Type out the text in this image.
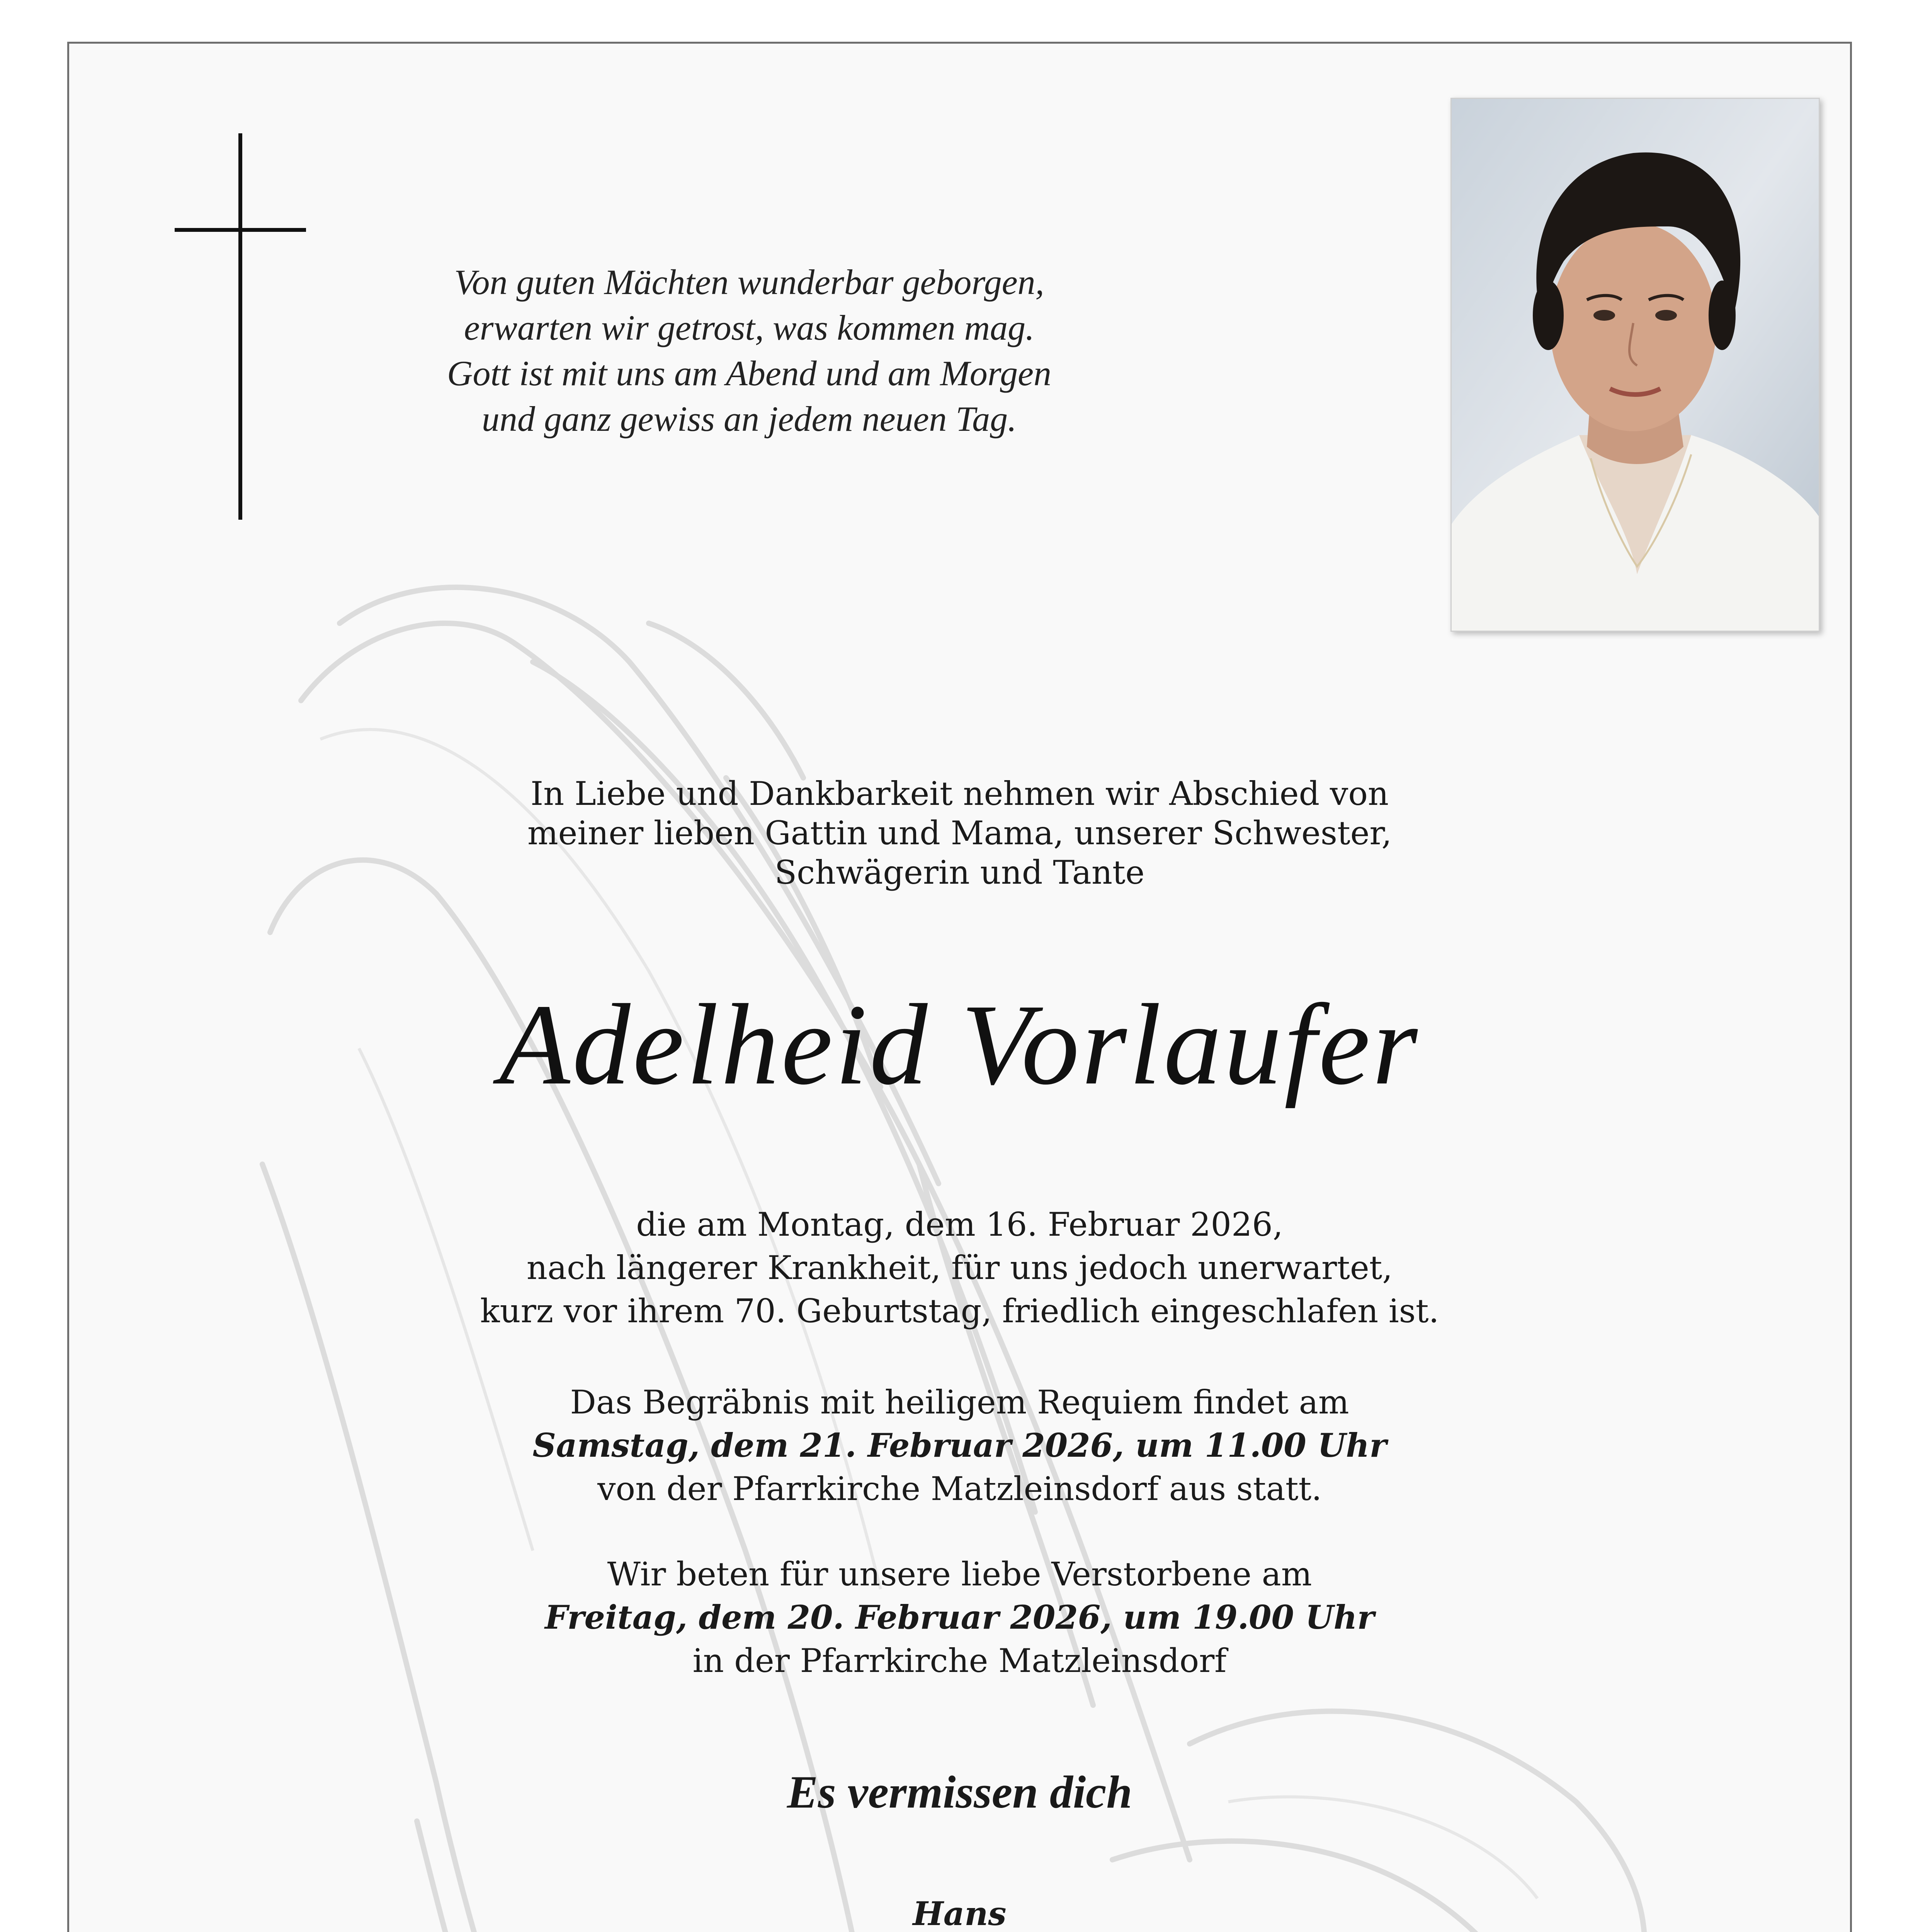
Von guten Mächten wunderbar geborgen,
erwarten wir getrost, was kommen mag.
Gott ist mit uns am Abend und am Morgen
und ganz gewiss an jedem neuen Tag.
In Liebe und Dankbarkeit nehmen wir Abschied von
meiner lieben Gattin und Mama, unserer Schwester,
Schwägerin und Tante
Adelheid Vorlaufer
die am Montag, dem 16. Februar 2026,
nach längerer Krankheit, für uns jedoch unerwartet,
kurz vor ihrem 70. Geburtstag, friedlich eingeschlafen ist.
Das Begräbnis mit heiligem Requiem findet am
Samstag, dem 21. Februar 2026, um 11.00 Uhr
von der Pfarrkirche Matzleinsdorf aus statt.
Wir beten für unsere liebe Verstorbene am
Freitag, dem 20. Februar 2026, um 19.00 Uhr
in der Pfarrkirche Matzleinsdorf
Es vermissen dich
Hans
